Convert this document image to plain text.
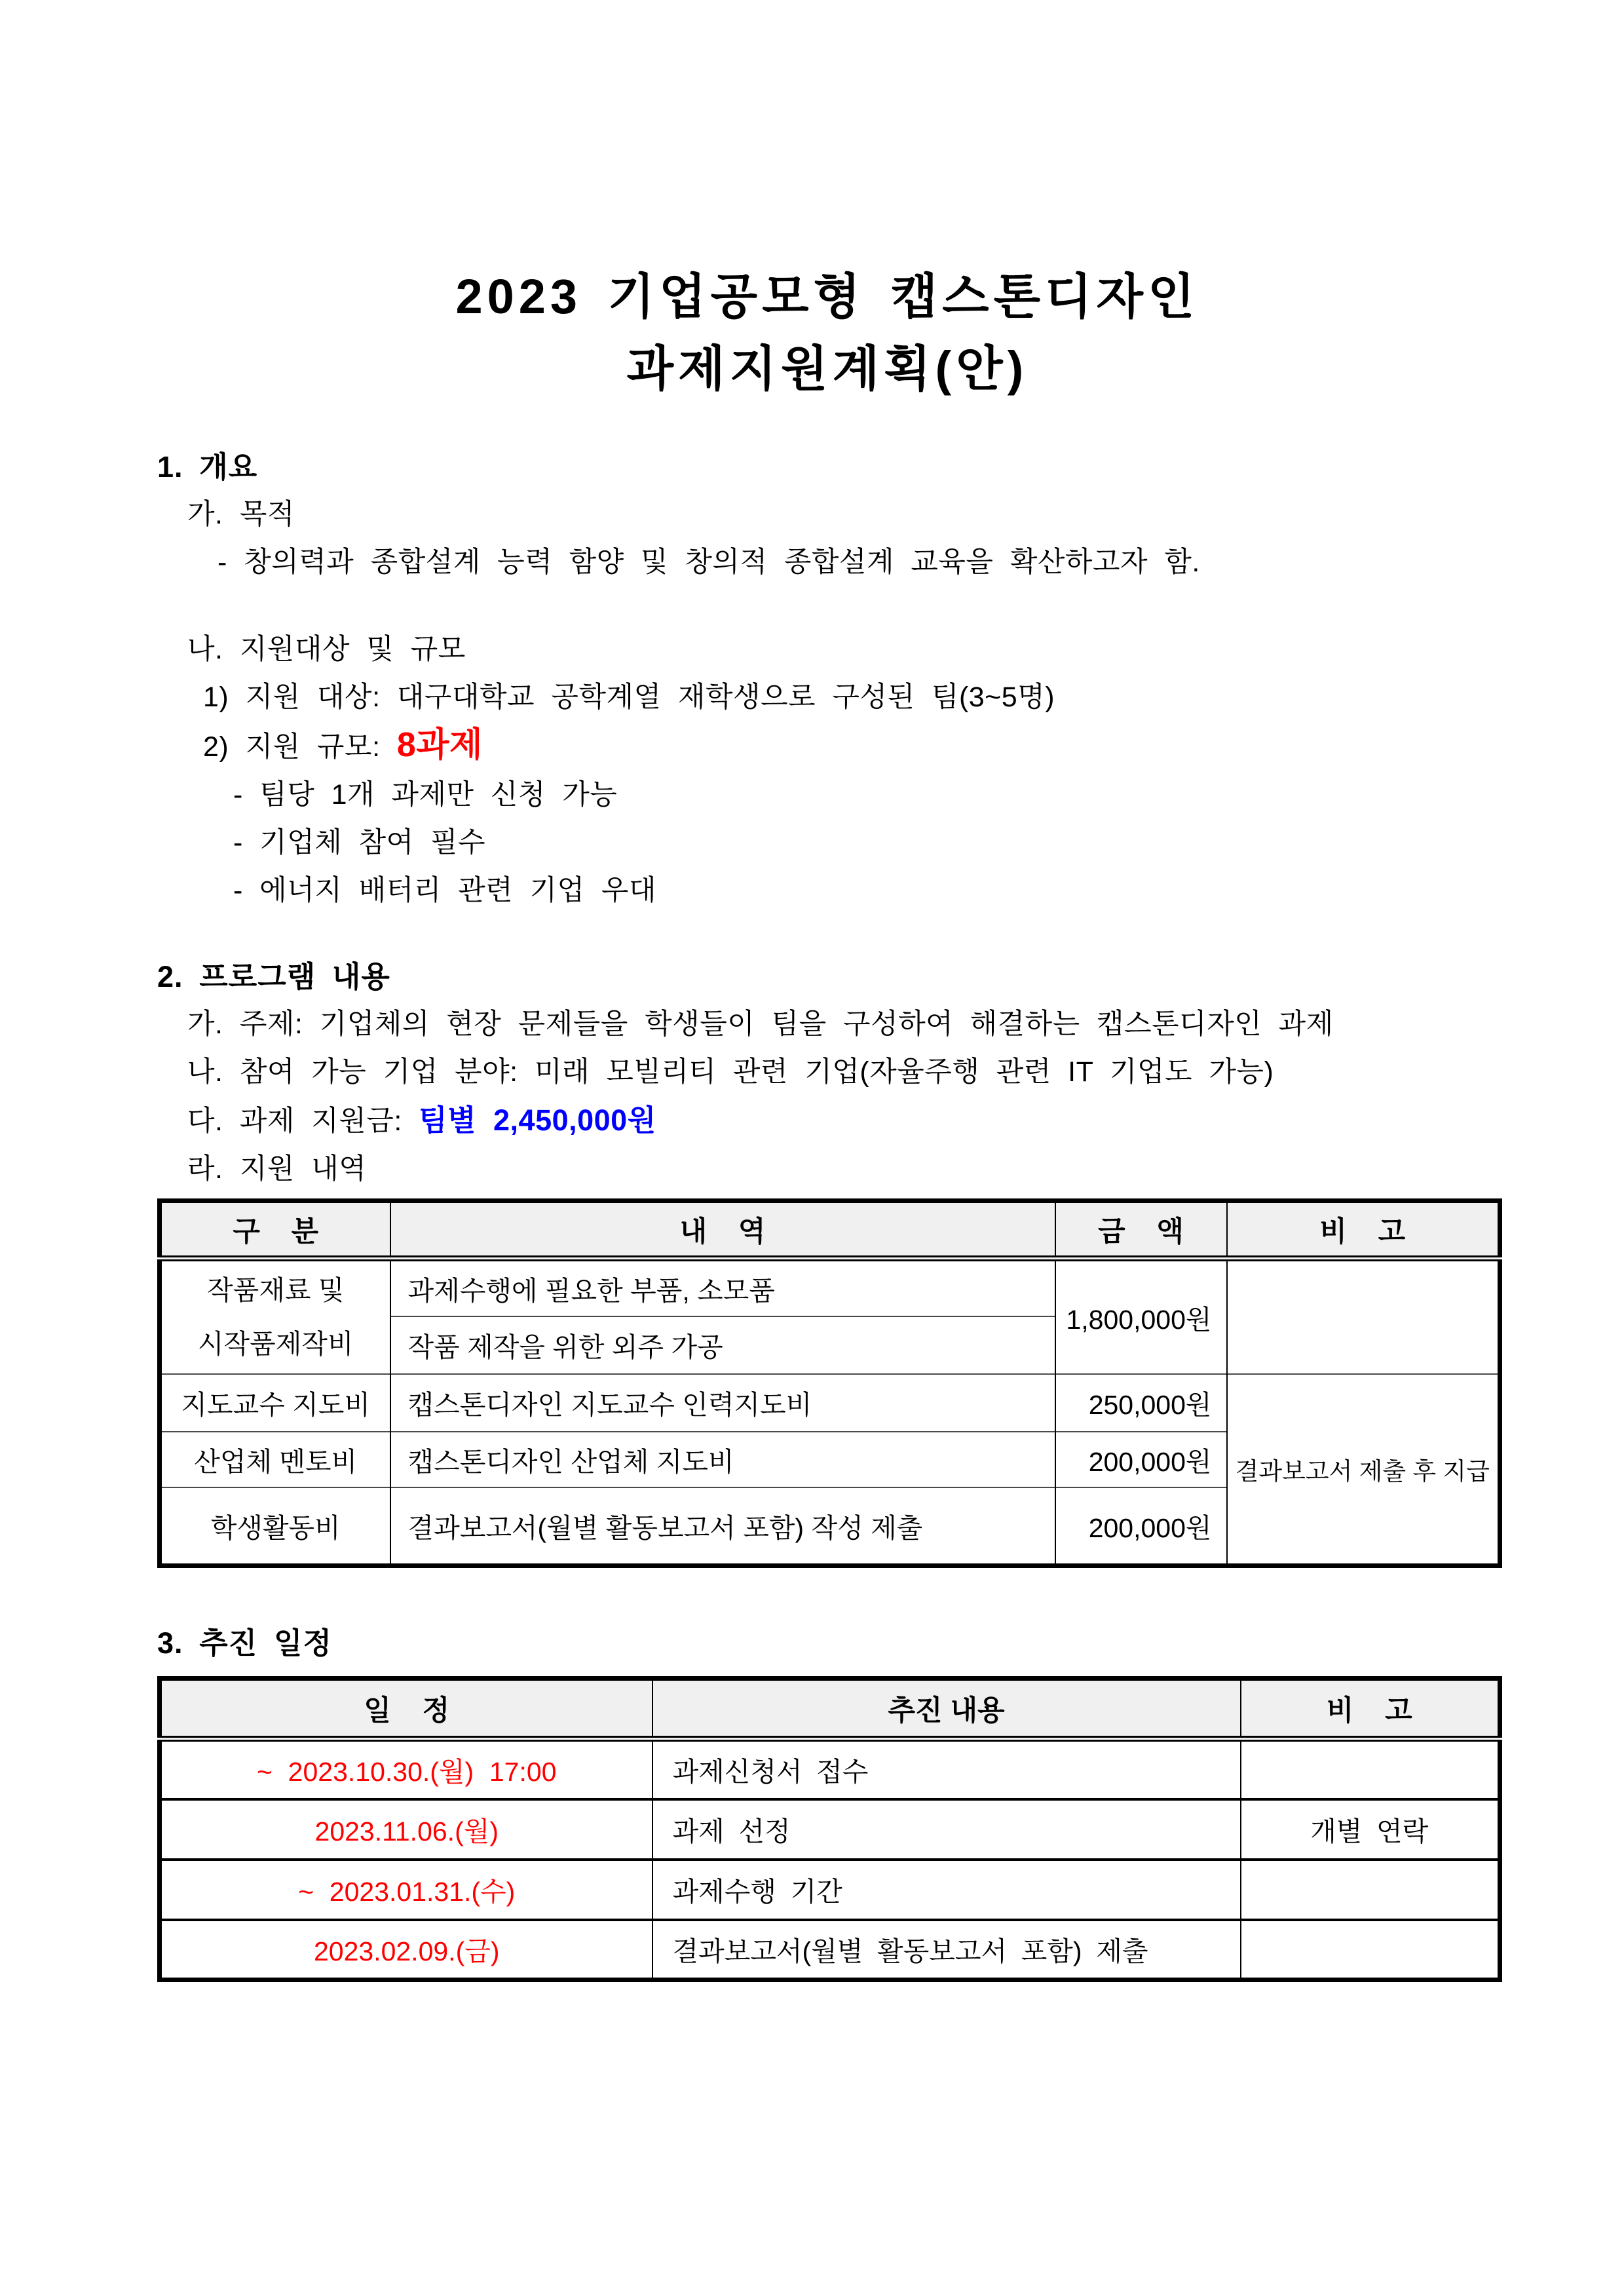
2023 기업공모형 캡스톤디자인
과제지원계획(안)
1. 개요
가. 목적
- 창의력과 종합설계 능력 함양 및 창의적 종합설계 교육을 확산하고자 함.
나. 지원대상 및 규모
1) 지원 대상: 대구대학교 공학계열 재학생으로 구성된 팀(3~5명)
2) 지원 규모: 8과제
- 팀당 1개 과제만 신청 가능
- 기업체 참여 필수
- 에너지 배터리 관련 기업 우대
2. 프로그램 내용
가. 주제: 기업체의 현장 문제들을 학생들이 팀을 구성하여 해결하는 캡스톤디자인 과제
나. 참여 가능 기업 분야: 미래 모빌리티 관련 기업(자율주행 관련 IT 기업도 가능)
다. 과제 지원금: 팀별 2,450,000원
라. 지원 내역
구    분	내    역	금    액	비    고

작품재료 및
시작품제작비	과제수행에 필요한 부품, 소모품	1,800,000원	
	작품 제작을 위한 외주 가공		
지도교수 지도비	캡스톤디자인 지도교수 인력지도비	250,000원	결과보고서 제출 후 지급
산업체 멘토비	캡스톤디자인 산업체 지도비	200,000원	
학생활동비	결과보고서(월별 활동보고서 포함) 작성 제출	200,000원	
3. 추진 일정
일    정	추진 내용	비    고
~ 2023.10.30.(월) 17:00	과제신청서 접수	
2023.11.06.(월)	과제 선정	개별 연락
~ 2023.01.31.(수)	과제수행 기간	
2023.02.09.(금)	결과보고서(월별 활동보고서 포함) 제출	
